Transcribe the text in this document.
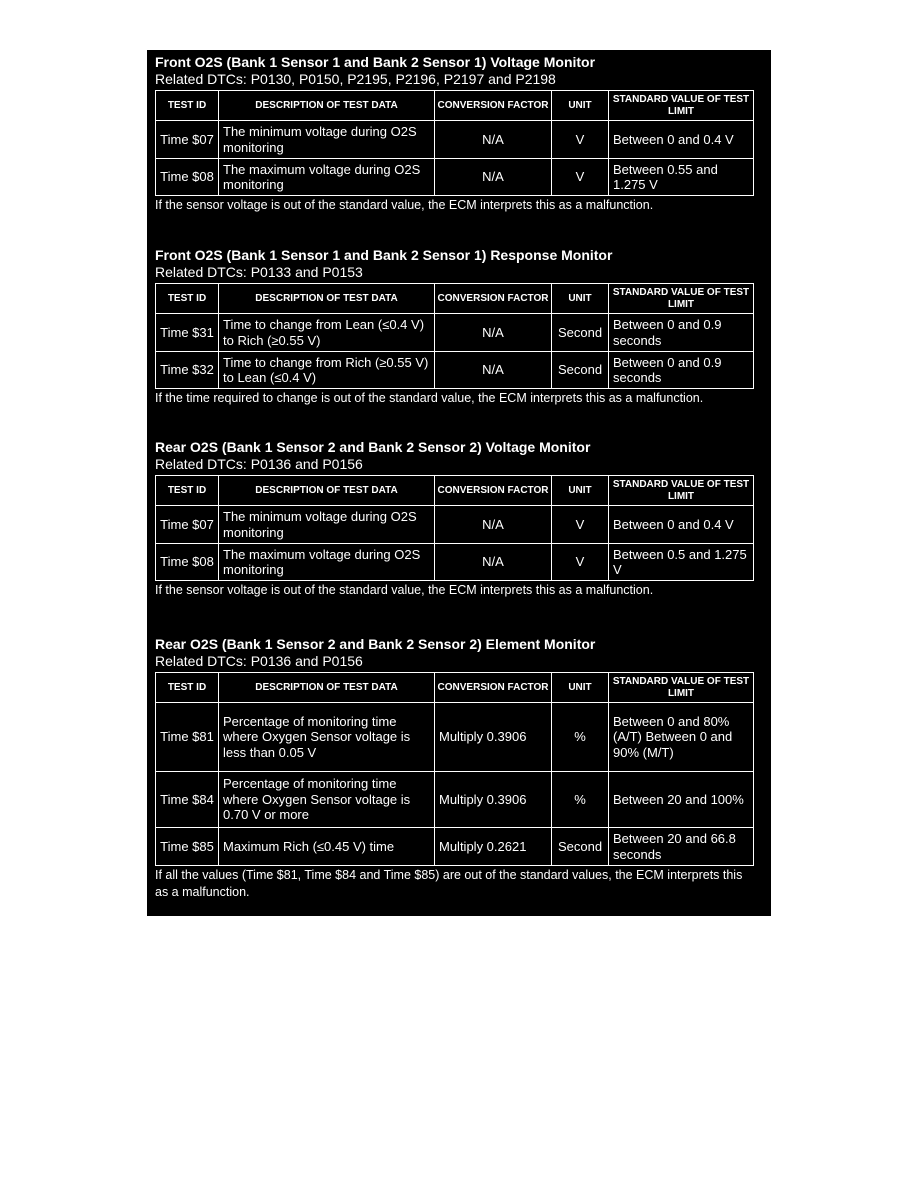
Front O2S (Bank 1 Sensor 1 and Bank 2 Sensor 1) Voltage Monitor
Related DTCs: P0130, P0150, P2195, P2196, P2197 and P2198
TEST ID	DESCRIPTION OF TEST DATA	CONVERSION FACTOR	UNIT	STANDARD VALUE OF TEST LIMIT
Time $07	The minimum voltage during O2S monitoring	N/A	V	Between 0 and 0.4 V
Time $08	The maximum voltage during O2S monitoring	N/A	V	Between 0.55 and 1.275 V
If the sensor voltage is out of the standard value, the ECM interprets this as a malfunction.
Front O2S (Bank 1 Sensor 1 and Bank 2 Sensor 1) Response Monitor
Related DTCs: P0133 and P0153
TEST ID	DESCRIPTION OF TEST DATA	CONVERSION FACTOR	UNIT	STANDARD VALUE OF TEST LIMIT
Time $31	Time to change from Lean (≤0.4 V) to Rich (≥0.55 V)	N/A	Second	Between 0 and 0.9 seconds
Time $32	Time to change from Rich (≥0.55 V) to Lean (≤0.4 V)	N/A	Second	Between 0 and 0.9 seconds
If the time required to change is out of the standard value, the ECM interprets this as a malfunction.
Rear O2S (Bank 1 Sensor 2 and Bank 2 Sensor 2) Voltage Monitor
Related DTCs: P0136 and P0156
TEST ID	DESCRIPTION OF TEST DATA	CONVERSION FACTOR	UNIT	STANDARD VALUE OF TEST LIMIT
Time $07	The minimum voltage during O2S monitoring	N/A	V	Between 0 and 0.4 V
Time $08	The maximum voltage during O2S monitoring	N/A	V	Between 0.5 and 1.275 V
If the sensor voltage is out of the standard value, the ECM interprets this as a malfunction.
Rear O2S (Bank 1 Sensor 2 and Bank 2 Sensor 2) Element Monitor
Related DTCs: P0136 and P0156
TEST ID	DESCRIPTION OF TEST DATA	CONVERSION FACTOR	UNIT	STANDARD VALUE OF TEST LIMIT
Time $81	Percentage of monitoring time where Oxygen Sensor voltage is less than 0.05 V	Multiply 0.3906	%	Between 0 and 80% (A/T) Between 0 and 90% (M/T)
Time $84	Percentage of monitoring time where Oxygen Sensor voltage is 0.70 V or more	Multiply 0.3906	%	Between 20 and 100%
Time $85	Maximum Rich (≤0.45 V) time	Multiply 0.2621	Second	Between 20 and 66.8 seconds
If all the values (Time $81, Time $84 and Time $85) are out of the standard values, the ECM interprets this as a malfunction.
